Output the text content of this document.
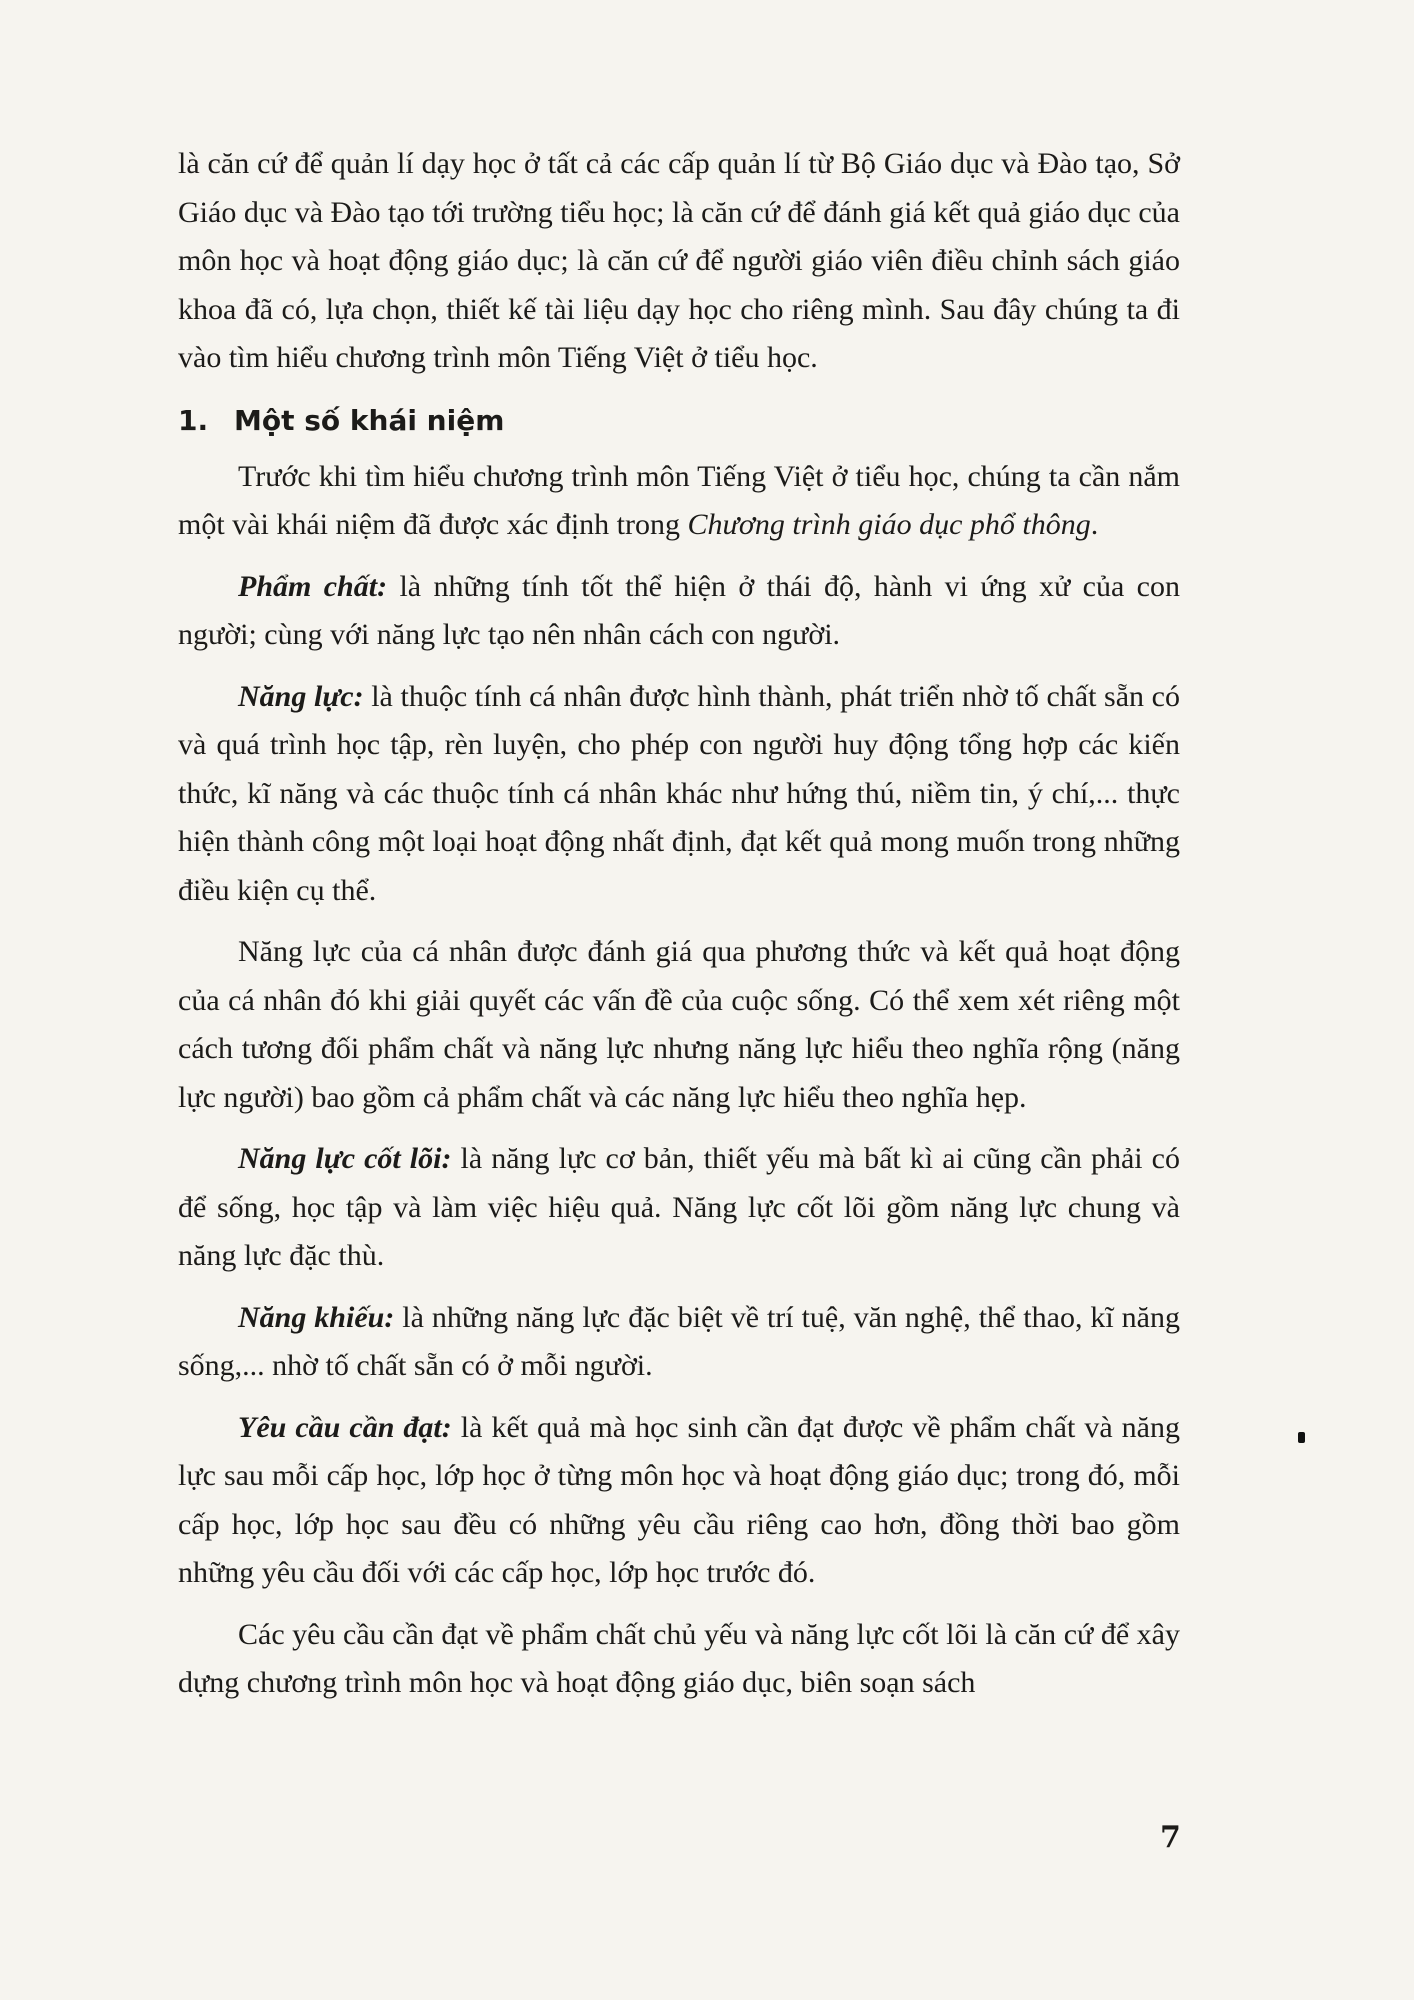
là căn cứ để quản lí dạy học ở tất cả các cấp quản lí từ Bộ Giáo dục và Đào tạo, Sở Giáo dục và Đào tạo tới trường tiểu học; là căn cứ để đánh giá kết quả giáo dục của môn học và hoạt động giáo dục; là căn cứ để người giáo viên điều chỉnh sách giáo khoa đã có, lựa chọn, thiết kế tài liệu dạy học cho riêng mình. Sau đây chúng ta đi vào tìm hiểu chương trình môn Tiếng Việt ở tiểu học.

1. Một số khái niệm

Trước khi tìm hiểu chương trình môn Tiếng Việt ở tiểu học, chúng ta cần nắm một vài khái niệm đã được xác định trong Chương trình giáo dục phổ thông.

Phẩm chất: là những tính tốt thể hiện ở thái độ, hành vi ứng xử của con người; cùng với năng lực tạo nên nhân cách con người.

Năng lực: là thuộc tính cá nhân được hình thành, phát triển nhờ tố chất sẵn có và quá trình học tập, rèn luyện, cho phép con người huy động tổng hợp các kiến thức, kĩ năng và các thuộc tính cá nhân khác như hứng thú, niềm tin, ý chí,... thực hiện thành công một loại hoạt động nhất định, đạt kết quả mong muốn trong những điều kiện cụ thể.

Năng lực của cá nhân được đánh giá qua phương thức và kết quả hoạt động của cá nhân đó khi giải quyết các vấn đề của cuộc sống. Có thể xem xét riêng một cách tương đối phẩm chất và năng lực nhưng năng lực hiểu theo nghĩa rộng (năng lực người) bao gồm cả phẩm chất và các năng lực hiểu theo nghĩa hẹp.

Năng lực cốt lõi: là năng lực cơ bản, thiết yếu mà bất kì ai cũng cần phải có để sống, học tập và làm việc hiệu quả. Năng lực cốt lõi gồm năng lực chung và năng lực đặc thù.

Năng khiếu: là những năng lực đặc biệt về trí tuệ, văn nghệ, thể thao, kĩ năng sống,... nhờ tố chất sẵn có ở mỗi người.

Yêu cầu cần đạt: là kết quả mà học sinh cần đạt được về phẩm chất và năng lực sau mỗi cấp học, lớp học ở từng môn học và hoạt động giáo dục; trong đó, mỗi cấp học, lớp học sau đều có những yêu cầu riêng cao hơn, đồng thời bao gồm những yêu cầu đối với các cấp học, lớp học trước đó.

Các yêu cầu cần đạt về phẩm chất chủ yếu và năng lực cốt lõi là căn cứ để xây dựng chương trình môn học và hoạt động giáo dục, biên soạn sách

7
